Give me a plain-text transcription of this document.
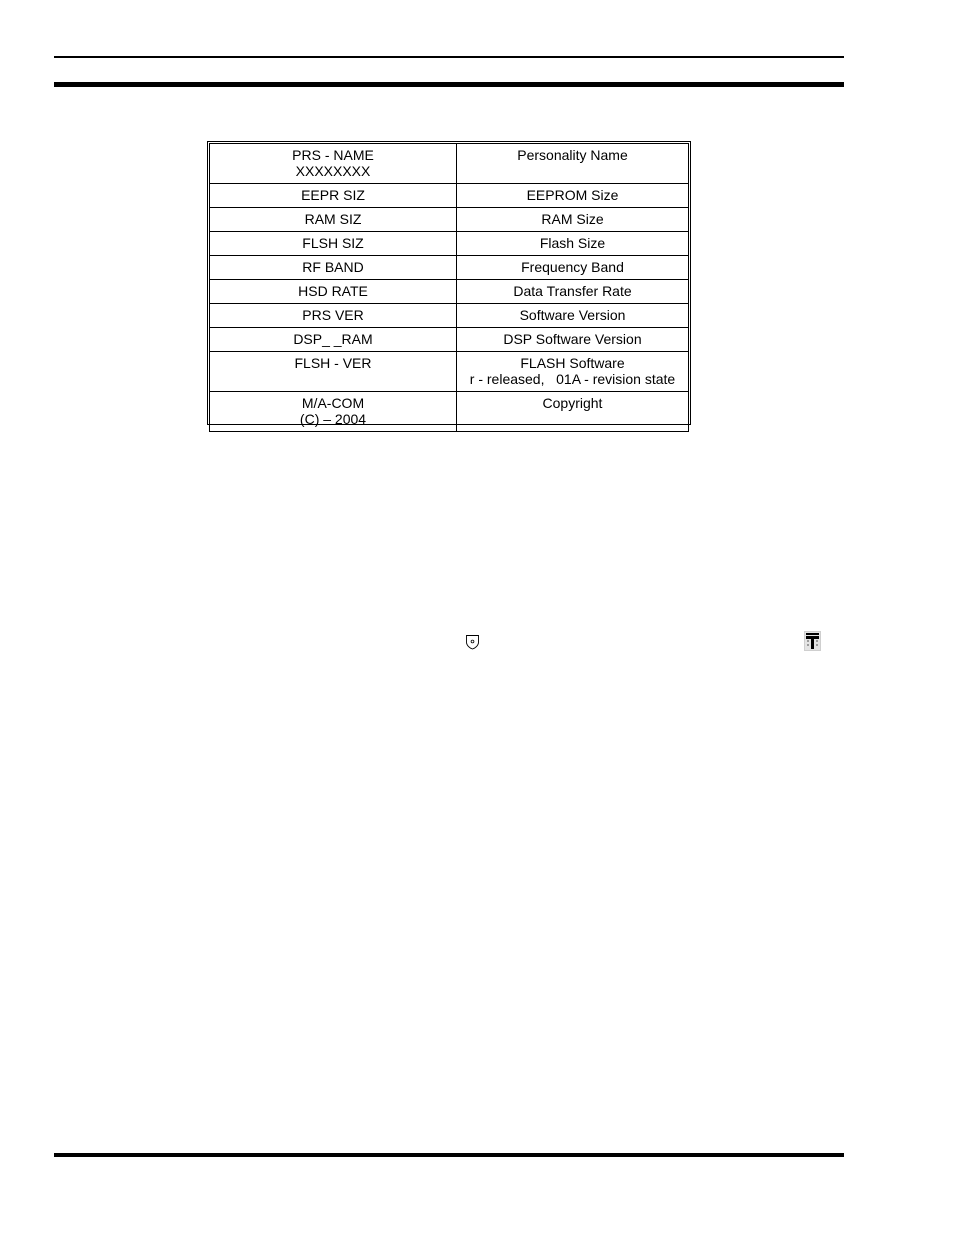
PRS - NAME
XXXXXXXX	Personality Name

EEPR SIZ	EEPROM Size

RAM SIZ	RAM Size

FLSH SIZ	Flash Size

RF BAND	Frequency Band

HSD RATE	Data Transfer Rate

PRS VER	Software Version

DSP_ _RAM	DSP Software Version

FLSH - VER	FLASH Software
r - released,   01A - revision state

M/A-COM
(C) – 2004	Copyright
